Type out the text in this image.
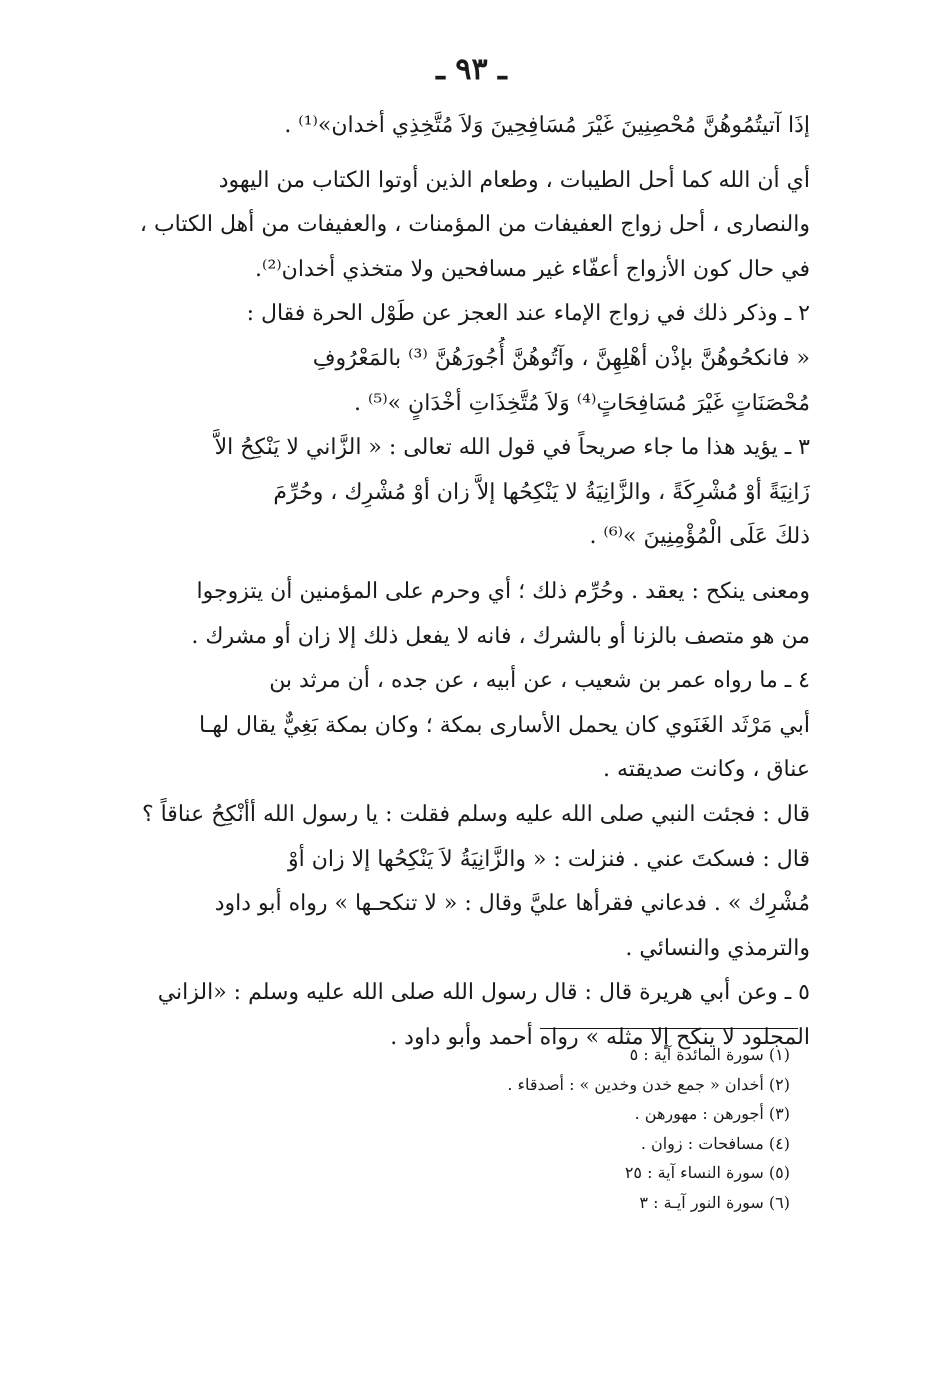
ـ ٩٣ ـ
إذَا آتيتُمُوهُنَّ مُحْصِنِينَ غَيْرَ مُسَافِحِينَ وَلاَ مُتَّخِذِي أخدان»⁽¹⁾ .
أي أن الله كما أحل الطيبات ، وطعام الذين أوتوا الكتاب من اليهود
والنصارى ، أحل زواج العفيفات من المؤمنات ، والعفيفات من أهل الكتاب ،
في حال كون الأزواج أعفّاء غير مسافحين ولا متخذي أخدان⁽²⁾.
٢ ـ وذكر ذلك في زواج الإماء عند العجز عن طَوْل الحرة فقال :
« فانكحُوهُنَّ بإذْن أهْلِهِنَّ ، وآتُوهُنَّ أُجُورَهُنَّ ⁽³⁾ بالمَعْرُوفِ
مُحْصَنَاتٍ غَيْرَ مُسَافِحَاتٍ⁽⁴⁾ وَلاَ مُتَّخِذَاتِ أخْدَانٍ »⁽⁵⁾ .
٣ ـ يؤيد هذا ما جاء صريحاً في قول الله تعالى : « الزَّاني لا يَنْكِحُ الاَّ
زَانِيَةً أوْ مُشْرِكَةً ، والزَّانِيَةُ لا يَنْكِحُها إلاَّ زان أوْ مُشْرِك ، وحُرِّمَ
ذلكَ عَلَى الْمُؤْمِنِينَ »⁽⁶⁾ .
ومعنى ينكح : يعقد . وحُرِّم ذلك ؛ أي وحرم على المؤمنين أن يتزوجوا
من هو متصف بالزنا أو بالشرك ، فانه لا يفعل ذلك إلا زان أو مشرك .
٤ ـ ما رواه عمر بن شعيب ، عن أبيه ، عن جده ، أن مرثد بن
أبي مَرْثَد الغَنَوي كان يحمل الأسارى بمكة ؛ وكان بمكة بَغِيٌّ يقال لهـا
عناق ، وكانت صديقته .
قال : فجئت النبي صلى الله عليه وسلم فقلت : يا رسول الله أأنْكِحُ عناقاً ؟
قال : فسكتَ عني . فنزلت : « والزَّانِيَةُ لاَ يَنْكِحُها إلا زان أوْ
مُشْرِك » . فدعاني فقرأها عليَّ وقال : « لا تنكحـها » رواه أبو داود
والترمذي والنسائي .
٥ ـ وعن أبي هريرة قال : قال رسول الله صلى الله عليه وسلم : «الزاني
المجلود لا ينكح إلا مثله » رواه أحمد وأبو داود .
(١) سورة المائدة آية : ٥
(٢) أخدان « جمع خدن وخدين » : أصدقاء .
(٣) أجورهن : مهورهن .
(٤) مسافحات : زوان .
(٥) سورة النساء آية : ٢٥
(٦) سورة النور آيـة : ٣
